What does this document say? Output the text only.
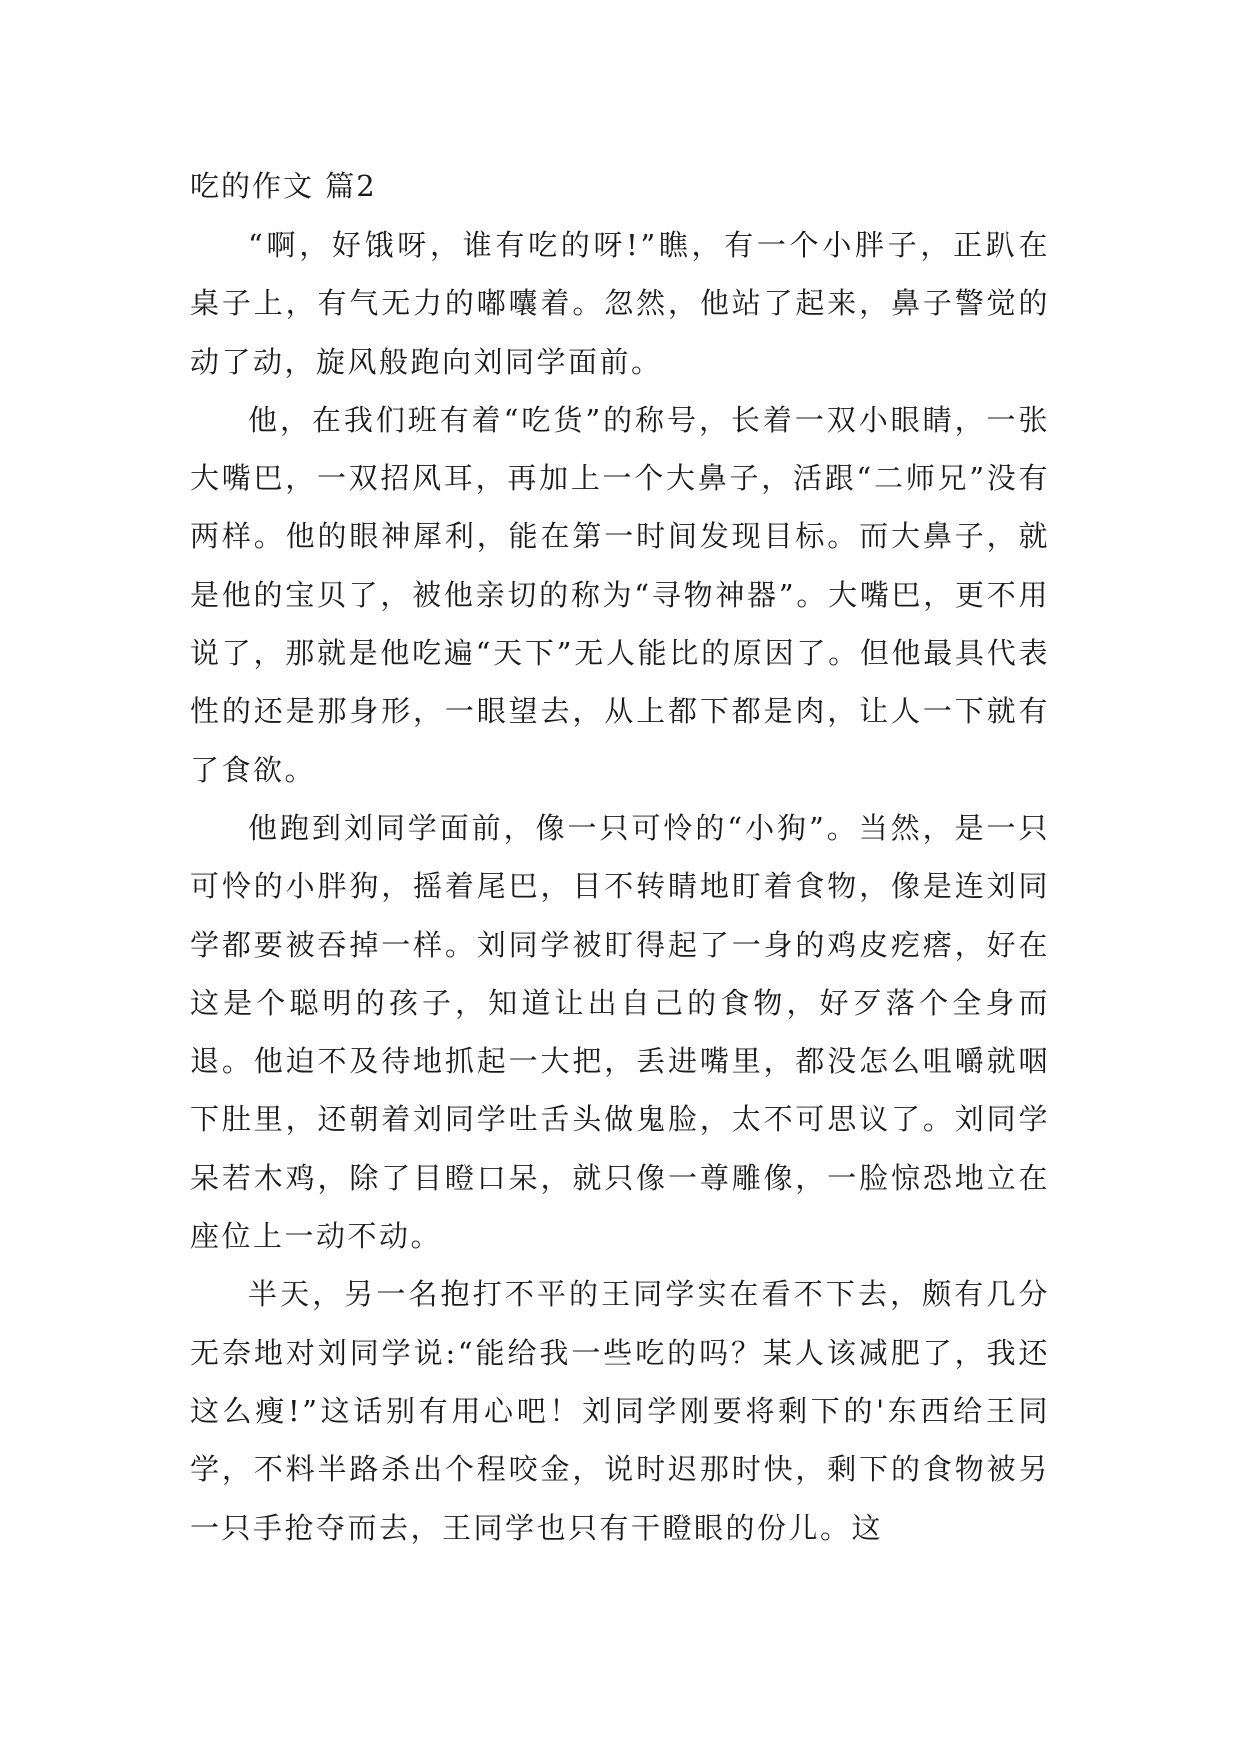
吃的作文 篇2

“啊，好饿呀，谁有吃的呀!”瞧，有一个小胖子，正趴在桌子上，有气无力的嘟囔着。忽然，他站了起来，鼻子警觉的动了动，旋风般跑向刘同学面前。

他，在我们班有着“吃货”的称号，长着一双小眼睛，一张大嘴巴，一双招风耳，再加上一个大鼻子，活跟“二师兄”没有两样。他的眼神犀利，能在第一时间发现目标。而大鼻子，就是他的宝贝了，被他亲切的称为“寻物神器”。大嘴巴，更不用说了，那就是他吃遍“天下”无人能比的原因了。但他最具代表性的还是那身形，一眼望去，从上都下都是肉，让人一下就有了食欲。

他跑到刘同学面前，像一只可怜的“小狗”。当然，是一只可怜的小胖狗，摇着尾巴，目不转睛地盯着食物，像是连刘同学都要被吞掉一样。刘同学被盯得起了一身的鸡皮疙瘩，好在这是个聪明的孩子，知道让出自己的食物，好歹落个全身而退。他迫不及待地抓起一大把，丢进嘴里，都没怎么咀嚼就咽下肚里，还朝着刘同学吐舌头做鬼脸，太不可思议了。刘同学呆若木鸡，除了目瞪口呆，就只像一尊雕像，一脸惊恐地立在座位上一动不动。

半天，另一名抱打不平的王同学实在看不下去，颇有几分无奈地对刘同学说:“能给我一些吃的吗？某人该减肥了，我还这么瘦!”这话别有用心吧！刘同学刚要将剩下的'东西给王同学，不料半路杀出个程咬金，说时迟那时快，剩下的食物被另一只手抢夺而去，王同学也只有干瞪眼的份儿。这
